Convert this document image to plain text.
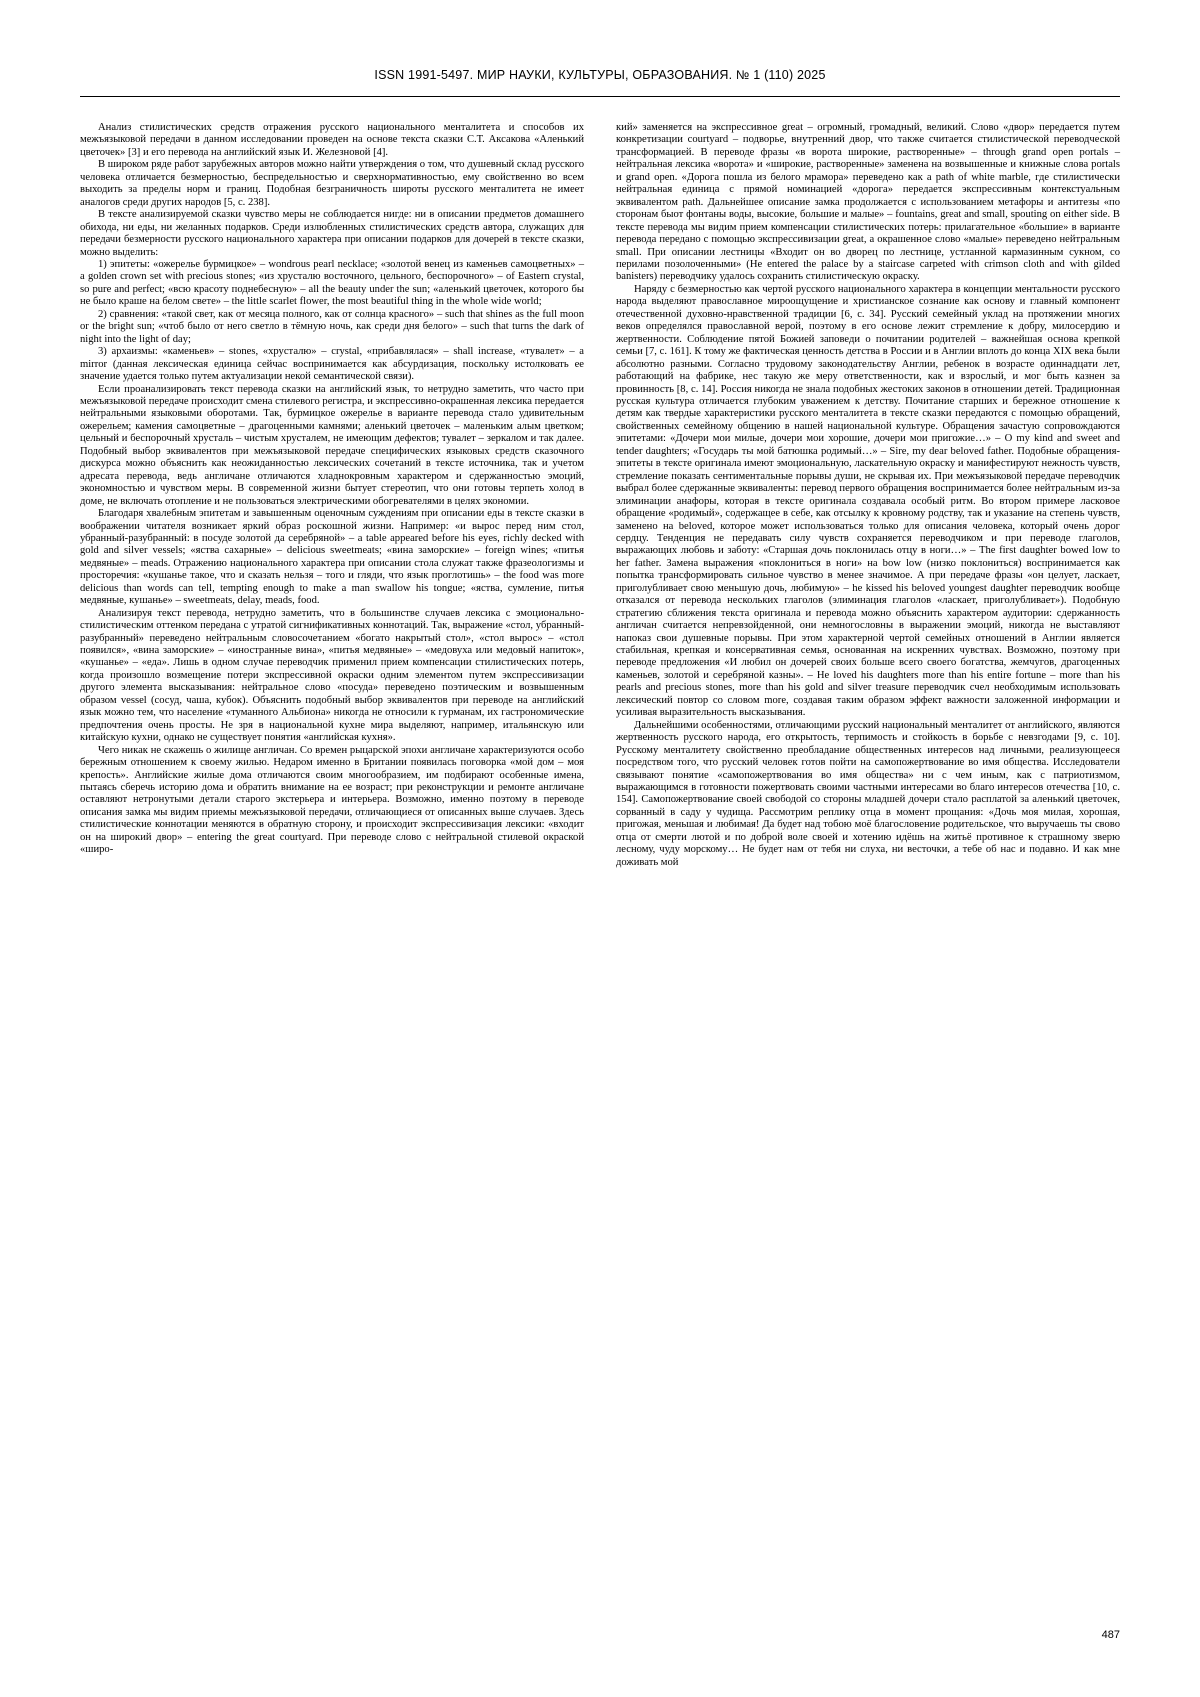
ISSN 1991-5497. МИР НАУКИ, КУЛЬТУРЫ, ОБРАЗОВАНИЯ. № 1 (110) 2025

Анализ стилистических средств отражения русского национального менталитета и способов их межъязыковой передачи в данном исследовании проведен на основе текста сказки С.Т. Аксакова «Аленький цветочек» [3] и его перевода на английский язык И. Железновой [4].

В широком ряде работ зарубежных авторов можно найти утверждения о том, что душевный склад русского человека отличается безмерностью, беспредельностью и сверхнормативностью, ему свойственно во всем выходить за пределы норм и границ. Подобная безграничность широты русского менталитета не имеет аналогов среди других народов [5, с. 238].

В тексте анализируемой сказки чувство меры не соблюдается нигде: ни в описании предметов домашнего обихода, ни еды, ни желанных подарков. Среди излюбленных стилистических средств автора, служащих для передачи безмерности русского национального характера при описании подарков для дочерей в тексте сказки, можно выделить:

1) эпитеты: «ожерелье бурмицкое» – wondrous pearl necklace; «золотой венец из каменьев самоцветных» – a golden crown set with precious stones; «из хрусталю восточного, цельного, беспорочного» – of Eastern crystal, so pure and perfect; «всю красоту поднебесную» – all the beauty under the sun; «аленький цветочек, которого бы не было краше на белом свете» – the little scarlet flower, the most beautiful thing in the whole wide world;

2) сравнения: «такой свет, как от месяца полного, как от солнца красного» – such that shines as the full moon or the bright sun; «чтоб было от него светло в тёмную ночь, как среди дня белого» – such that turns the dark of night into the light of day;

3) архаизмы: «каменьев» – stones, «хрусталю» – crystal, «прибавлялася» – shall increase, «тувалет» – a mirror (данная лексическая единица сейчас воспринимается как абсурдизация, поскольку истолковать ее значение удается только путем актуализации некой семантической связи).

Если проанализировать текст перевода сказки на английский язык, то нетрудно заметить, что часто при межъязыковой передаче происходит смена стилевого регистра, и экспрессивно-окрашенная лексика передается нейтральными языковыми оборотами. Так, бурмицкое ожерелье в варианте перевода стало удивительным ожерельем; камения самоцветные – драгоценными камнями; аленький цветочек – маленьким алым цветком; цельный и беспорочный хрусталь – чистым хрусталем, не имеющим дефектов; тувалет – зеркалом и так далее. Подобный выбор эквивалентов при межъязыковой передаче специфических языковых средств сказочного дискурса можно объяснить как неожиданностью лексических сочетаний в тексте источника, так и учетом адресата перевода, ведь англичане отличаются хладнокровным характером и сдержанностью эмоций, экономностью и чувством меры. В современной жизни бытует стереотип, что они готовы терпеть холод в доме, не включать отопление и не пользоваться электрическими обогревателями в целях экономии.

Благодаря хвалебным эпитетам и завышенным оценочным суждениям при описании еды в тексте сказки в воображении читателя возникает яркий образ роскошной жизни. Например: «и вырос перед ним стол, убранный-разубранный: в посуде золотой да серебряной» – a table appeared before his eyes, richly decked with gold and silver vessels; «яства сахарные» – delicious sweetmeats; «вина заморские» – foreign wines; «питья медвяные» – meads. Отражению национального характера при описании стола служат также фразеологизмы и просторечия: «кушанье такое, что и сказать нельзя – того и гляди, что язык проглотишь» – the food was more delicious than words can tell, tempting enough to make a man swallow his tongue; «яства, сумление, питья медвяные, кушанье» – sweetmeats, delay, meads, food.

Анализируя текст перевода, нетрудно заметить, что в большинстве случаев лексика с эмоционально-стилистическим оттенком передана с утратой сигнификативных коннотаций. Так, выражение «стол, убранный-разубранный» переведено нейтральным словосочетанием «богато накрытый стол», «стол вырос» – «стол появился», «вина заморские» – «иностранные вина», «питья медвяные» – «медовуха или медовый напиток», «кушанье» – «еда». Лишь в одном случае переводчик применил прием компенсации стилистических потерь, когда произошло возмещение потери экспрессивной окраски одним элементом путем экспрессивизации другого элемента высказывания: нейтральное слово «посуда» переведено поэтическим и возвышенным образом vessel (сосуд, чаша, кубок). Объяснить подобный выбор эквивалентов при переводе на английский язык можно тем, что население «туманного Альбиона» никогда не относили к гурманам, их гастрономические предпочтения очень просты. Не зря в национальной кухне мира выделяют, например, итальянскую или китайскую кухни, однако не существует понятия «английская кухня».

Чего никак не скажешь о жилище англичан. Со времен рыцарской эпохи англичане характеризуются особо бережным отношением к своему жилью. Недаром именно в Британии появилась поговорка «мой дом – моя крепость». Английские жилые дома отличаются своим многообразием, им подбирают особенные имена, пытаясь сберечь историю дома и обратить внимание на ее возраст; при реконструкции и ремонте англичане оставляют нетронутыми детали старого экстерьера и интерьера. Возможно, именно поэтому в переводе описания замка мы видим приемы межъязыковой передачи, отличающиеся от описанных выше случаев. Здесь стилистические коннотации меняются в обратную сторону, и происходит экспрессивизация лексики: «входит он на широкий двор» – entering the great courtyard. При переводе слово с нейтральной стилевой окраской «широ-

кий» заменяется на экспрессивное great – огромный, громадный, великий. Слово «двор» передается путем конкретизации courtyard – подворье, внутренний двор, что также считается стилистической переводческой трансформацией. В переводе фразы «в ворота широкие, растворенные» – through grand open portals – нейтральная лексика «ворота» и «широкие, растворенные» заменена на возвышенные и книжные слова portals и grand open. «Дорога пошла из белого мрамора» переведено как a path of white marble, где стилистически нейтральная единица с прямой номинацией «дорога» передается экспрессивным контекстуальным эквивалентом path. Дальнейшее описание замка продолжается с использованием метафоры и антитезы «по сторонам быот фонтаны воды, высокие, большие и малые» – fountains, great and small, spouting on either side. В тексте перевода мы видим прием компенсации стилистических потерь: прилагательное «большие» в варианте перевода передано с помощью экспрессивизации great, а окрашенное слово «малые» переведено нейтральным small. При описании лестницы «Входит он во дворец по лестнице, устланной кармазинным сукном, со перилами позолоченными» (He entered the palace by a staircase carpeted with crimson cloth and with gilded banisters) переводчику удалось сохранить стилистическую окраску.

Наряду с безмерностью как чертой русского национального характера в концепции ментальности русского народа выделяют православное мироощущение и христианское сознание как основу и главный компонент отечественной духовно-нравственной традиции [6, с. 34]. Русский семейный уклад на протяжении многих веков определялся православной верой, поэтому в его основе лежит стремление к добру, милосердию и жертвенности. Соблюдение пятой Божией заповеди о почитании родителей – важнейшая основа крепкой семьи [7, с. 161]. К тому же фактическая ценность детства в России и в Англии вплоть до конца XIX века были абсолютно разными. Согласно трудовому законодательству Англии, ребенок в возрасте одиннадцати лет, работающий на фабрике, нес такую же меру ответственности, как и взрослый, и мог быть казнен за провинность [8, с. 14]. Россия никогда не знала подобных жестоких законов в отношении детей. Традиционная русская культура отличается глубоким уважением к детству. Почитание старших и бережное отношение к детям как твердые характеристики русского менталитета в тексте сказки передаются с помощью обращений, свойственных семейному общению в нашей национальной культуре. Обращения зачастую сопровождаются эпитетами: «Дочери мои милые, дочери мои хорошие, дочери мои пригожие…» – O my kind and sweet and tender daughters; «Государь ты мой батюшка родимый…» – Sire, my dear beloved father. Подобные обращения-эпитеты в тексте оригинала имеют эмоциональную, ласкательную окраску и манифестируют нежность чувств, стремление показать сентиментальные порывы души, не скрывая их. При межъязыковой передаче переводчик выбрал более сдержанные эквиваленты: перевод первого обращения воспринимается более нейтральным из-за элиминации анафоры, которая в тексте оригинала создавала особый ритм. Во втором примере ласковое обращение «родимый», содержащее в себе, как отсылку к кровному родству, так и указание на степень чувств, заменено на beloved, которое может использоваться только для описания человека, который очень дорог сердцу. Тенденция не передавать силу чувств сохраняется переводчиком и при переводе глаголов, выражающих любовь и заботу: «Старшая дочь поклонилась отцу в ноги…» – The first daughter bowed low to her father. Замена выражения «поклониться в ноги» на bow low (низко поклониться) воспринимается как попытка трансформировать сильное чувство в менее значимое. А при передаче фразы «он целует, ласкает, приголубливает свою меньшую дочь, любимую» – he kissed his beloved youngest daughter переводчик вообще отказался от перевода нескольких глаголов (элиминация глаголов «ласкает, приголубливает»). Подобную стратегию сближения текста оригинала и перевода можно объяснить характером аудитории: сдержанность англичан считается непревзойденной, они немногословны в выражении эмоций, никогда не выставляют напоказ свои душевные порывы. При этом характерной чертой семейных отношений в Англии является стабильная, крепкая и консервативная семья, основанная на искренних чувствах. Возможно, поэтому при переводе предложения «И любил он дочерей своих больше всего своего богатства, жемчугов, драгоценных каменьев, золотой и серебряной казны». – He loved his daughters more than his entire fortune – more than his pearls and precious stones, more than his gold and silver treasure переводчик счел необходимым использовать лексический повтор со словом more, создавая таким образом эффект важности заложенной информации и усиливая выразительность высказывания.

Дальнейшими особенностями, отличающими русский национальный менталитет от английского, являются жертвенность русского народа, его открытость, терпимость и стойкость в борьбе с невзгодами [9, с. 10]. Русскому менталитету свойственно преобладание общественных интересов над личными, реализующееся посредством того, что русский человек готов пойти на самопожертвование во имя общества. Исследователи связывают понятие «самопожертвования во имя общества» ни с чем иным, как с патриотизмом, выражающимся в готовности пожертвовать своими частными интересами во благо интересов отечества [10, с. 154]. Самопожертвование своей свободой со стороны младшей дочери стало расплатой за аленький цветочек, сорванный в саду у чудища. Рассмотрим реплику отца в момент прощания: «Дочь моя милая, хорошая, пригожая, меньшая и любимая! Да будет над тобою моё благословение родительское, что выручаешь ты свово отца от смерти лютой и по доброй воле своей и хотению идёшь на житьё противное к страшному зверю лесному, чуду морскому… Не будет нам от тебя ни слуха, ни весточки, а тебе об нас и подавно. И как мне доживать мой

487
